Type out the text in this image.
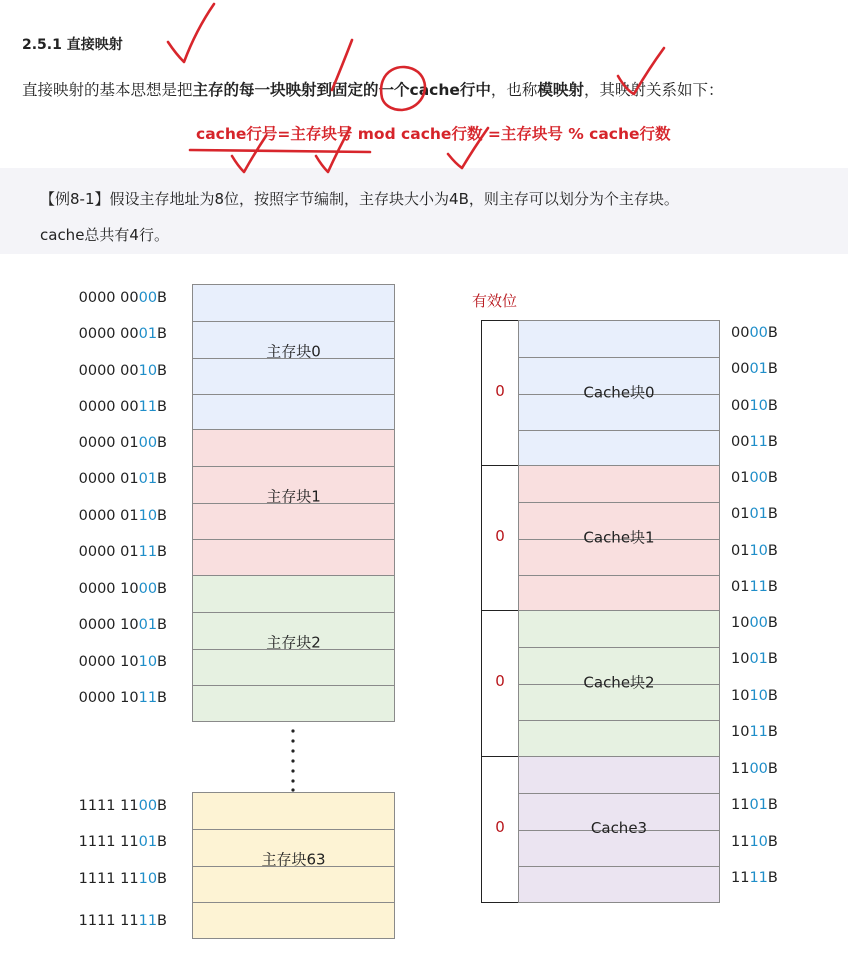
2.5.1 直接映射
直接映射的基本思想是把主存的每一块映射到固定的一个cache行中，也称模映射，其映射关系如下：
cache行号=主存块号 mod cache行数 =主存块号 % cache行数
【例8-1】假设主存地址为8位，按照字节编制，主存块大小为4B，则主存可以划分为个主存块。
cache总共有4行。
有效位
主存块0
0000 0000B
0000 0001B
0000 0010B
0000 0011B
主存块1
0000 0100B
0000 0101B
0000 0110B
0000 0111B
主存块2
0000 1000B
0000 1001B
0000 1010B
0000 1011B
主存块63
1111 1100B
1111 1101B
1111 1110B
1111 1111B
0	Cache块0
0000B
0001B
0010B
0011B
0	Cache块1
0100B
0101B
0110B
0111B
0	Cache块2
1000B
1001B
1010B
1011B
0	Cache3
1100B
1101B
1110B
1111B
